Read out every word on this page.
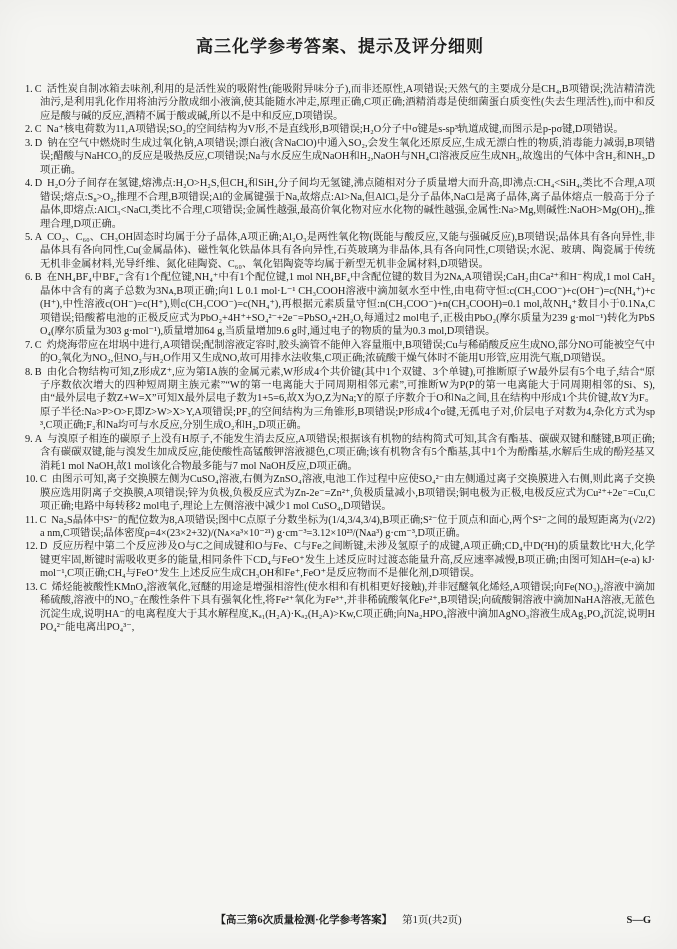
高三化学参考答案、提示及评分细则

1. C 活性炭自制冰箱去味剂,利用的是活性炭的吸附性(能吸附异味分子),而非还原性,A项错误;天然气的主要成分是CH₄,B项错误;洗洁精清洗油污,是利用乳化作用将油污分散成细小液滴,使其能随水冲走,原理正确,C项正确;酒精消毒是使细菌蛋白质变性(失去生理活性),而中和反应是酸与碱的反应,酒精不属于酸或碱,所以不是中和反应,D项错误。

2. C Na⁺核电荷数为11,A项错误;SO₂的空间结构为V形,不是直线形,B项错误;H₂O分子中σ键是s-sp³轨道成键,而图示是p-pσ键,D项错误。

3. D 钠在空气中燃烧时生成过氧化钠,A项错误;漂白液(含NaClO)中通入SO₂,会发生氧化还原反应,生成无漂白性的物质,消毒能力减弱,B项错误;醋酸与NaHCO₃的反应是吸热反应,C项错误;Na与水反应生成NaOH和H₂,NaOH与NH₄Cl溶液反应生成NH₃,故逸出的气体中含H₂和NH₃,D项正确。

4. D H₂O分子间存在氢键,熔沸点:H₂O>H₂S,但CH₄和SiH₄分子间均无氢键,沸点随相对分子质量增大而升高,即沸点:CH₄<SiH₄,类比不合理,A项错误;熔点:S₈>O₂,推理不合理,B项错误;Al的金属键强于Na,故熔点:Al>Na,但AlCl₃是分子晶体,NaCl是离子晶体,离子晶体熔点一般高于分子晶体,即熔点:AlCl₃<NaCl,类比不合理,C项错误;金属性越强,最高价氧化物对应水化物的碱性越强,金属性:Na>Mg,则碱性:NaOH>Mg(OH)₂,推理合理,D项正确。

5. A CO₂、C₆₀、CH₃OH固态时均属于分子晶体,A项正确;Al₂O₃是两性氧化物(既能与酸反应,又能与强碱反应),B项错误;晶体具有各向异性,非晶体具有各向同性,Cu(金属晶体)、磁性氧化铁晶体具有各向异性,石英玻璃为非晶体,具有各向同性,C项错误;水泥、玻璃、陶瓷属于传统无机非金属材料,光导纤维、氮化硅陶瓷、C₆₀、氧化铝陶瓷等均属于新型无机非金属材料,D项错误。

6. B 在NH₄BF₄中BF₄⁻含有1个配位键,NH₄⁺中有1个配位键,1 mol NH₄BF₄中含配位键的数目为2Nᴀ,A项错误;CaH₂由Ca²⁺和H⁻构成,1 mol CaH₂晶体中含有的离子总数为3Nᴀ,B项正确;向1 L 0.1 mol·L⁻¹ CH₃COOH溶液中滴加氨水至中性,由电荷守恒:c(CH₃COO⁻)+c(OH⁻)=c(NH₄⁺)+c(H⁺),中性溶液c(OH⁻)=c(H⁺),则c(CH₃COO⁻)=c(NH₄⁺),再根据元素质量守恒:n(CH₃COO⁻)+n(CH₃COOH)=0.1 mol,故NH₄⁺数目小于0.1Nᴀ,C项错误;铅酸蓄电池的正极反应式为PbO₂+4H⁺+SO₄²⁻+2e⁻=PbSO₄+2H₂O,每通过2 mol电子,正极由PbO₂(摩尔质量为239 g·mol⁻¹)转化为PbSO₄(摩尔质量为303 g·mol⁻¹),质量增加64 g,当质量增加9.6 g时,通过电子的物质的量为0.3 mol,D项错误。

7. C 灼烧海带应在坩埚中进行,A项错误;配制溶液定容时,胶头滴管不能伸入容量瓶中,B项错误;Cu与稀硝酸反应生成NO,部分NO可能被空气中的O₂氧化为NO₂,但NO₂与H₂O作用又生成NO,故可用排水法收集,C项正确;浓硫酸干燥气体时不能用U形管,应用洗气瓶,D项错误。

8. B 由化合物结构可知,Z形成Z⁺,应为第ⅠA族的金属元素,W形成4个共价键(其中1个双键、3个单键),可推断原子W最外层有5个电子,结合“原子序数依次增大的四种短周期主族元素”“W的第一电离能大于同周期相邻元素”,可推断W为P(P的第一电离能大于同周期相邻的Si、S),由“最外层电子数Z+W=X”可知X最外层电子数为1+5=6,故X为O,Z为Na;Y的原子序数介于O和Na之间,且在结构中形成1个共价键,故Y为F。原子半径:Na>P>O>F,即Z>W>X>Y,A项错误;PF₃的空间结构为三角锥形,B项错误;P形成4个σ键,无孤电子对,价层电子对数为4,杂化方式为sp³,C项正确;F₂和Na均可与水反应,分别生成O₂和H₂,D项正确。

9. A 与溴原子相连的碳原子上没有H原子,不能发生消去反应,A项错误;根据该有机物的结构简式可知,其含有酯基、碳碳双键和醚键,B项正确;含有碳碳双键,能与溴发生加成反应,能使酸性高锰酸钾溶液褪色,C项正确;该有机物含有5个酯基,其中1个为酚酯基,水解后生成的酚羟基又消耗1 mol NaOH,故1 mol该化合物最多能与7 mol NaOH反应,D项正确。

10. C 由图示可知,离子交换膜左侧为CuSO₄溶液,右侧为ZnSO₄溶液,电池工作过程中应使SO₄²⁻由左侧通过离子交换膜进入右侧,则此离子交换膜应选用阴离子交换膜,A项错误;锌为负极,负极反应式为Zn-2e⁻=Zn²⁺,负极质量减小,B项错误;铜电极为正极,电极反应式为Cu²⁺+2e⁻=Cu,C项正确;电路中每转移2 mol电子,理论上左侧溶液中减少1 mol CuSO₄,D项错误。

11. C Na₂S晶体中S²⁻的配位数为8,A项错误;图中C点原子分数坐标为(1/4,3/4,3/4),B项正确;S²⁻位于顶点和面心,两个S²⁻之间的最短距离为(√2/2)a nm,C项错误;晶体密度ρ=4×(23×2+32)/(Nᴀ×a³×10⁻²¹) g·cm⁻³=3.12×10²³/(Nᴀa³) g·cm⁻³,D项正确。

12. D 反应历程中第二个反应涉及O与C之间成键和O与Fe、C与Fe之间断键,未涉及氢原子的成键,A项正确;CD₄中D(²H)的质量数比¹H大,化学键更牢固,断键时需吸收更多的能量,相同条件下CD₄与FeO⁺发生上述反应时过渡态能量升高,反应速率减慢,B项正确;由图可知ΔH=(e-a) kJ·mol⁻¹,C项正确;CH₄与FeO⁺发生上述反应生成CH₃OH和Fe⁺,FeO⁺是反应物而不是催化剂,D项错误。

13. C 烯烃能被酸性KMnO₄溶液氧化,冠醚的用途是增强相溶性(使水相和有机相更好接触),并非冠醚氧化烯烃,A项错误;向Fe(NO₃)₂溶液中滴加稀硫酸,溶液中的NO₃⁻在酸性条件下具有强氧化性,将Fe²⁺氧化为Fe³⁺,并非稀硫酸氧化Fe²⁺,B项错误;向硫酸铜溶液中滴加NaHA溶液,无蓝色沉淀生成,说明HA⁻的电离程度大于其水解程度,Kₐ₁(H₂A)·Kₐ₂(H₂A)>Kw,C项正确;向Na₂HPO₄溶液中滴加AgNO₃溶液生成Ag₃PO₄沉淀,说明HPO₄²⁻能电离出PO₄³⁻,

【高三第6次质量检测·化学参考答案】 第1页(共2页)	S—G
